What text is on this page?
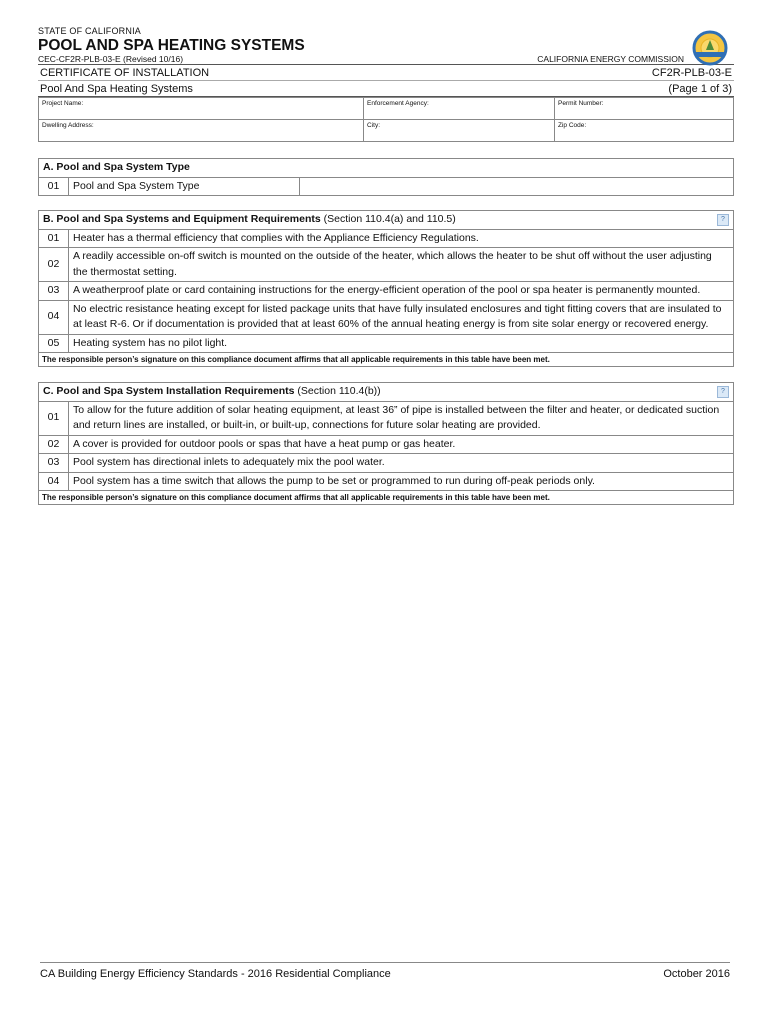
STATE OF CALIFORNIA
POOL AND SPA HEATING SYSTEMS
CEC-CF2R-PLB-03-E (Revised 10/16)	CALIFORNIA ENERGY COMMISSION
CERTIFICATE OF INSTALLATION	CF2R-PLB-03-E
Pool And Spa Heating Systems	(Page 1 of 3)
Project Name:	Enforcement Agency:	Permit Number:
Dwelling Address:	City:	Zip Code:
A. Pool and Spa System Type
01	Pool and Spa System Type	
?
B. Pool and Spa Systems and Equipment Requirements (Section 110.4(a) and 110.5)	
01	Heater has a thermal efficiency that complies with the Appliance Efficiency Regulations.
02	A readily accessible on-off switch is mounted on the outside of the heater, which allows the heater to be shut off without the user adjusting the thermostat setting.
03	A weatherproof plate or card containing instructions for the energy-efficient operation of the pool or spa heater is permanently mounted.
04	No electric resistance heating except for listed package units that have fully insulated enclosures and tight fitting covers that are insulated to at least R-6. Or if documentation is provided that at least 60% of the annual heating energy is from site solar energy or recovered energy.
05	Heating system has no pilot light.
The responsible person’s signature on this compliance document affirms that all applicable requirements in this table have been met.	
?
C. Pool and Spa System Installation Requirements (Section 110.4(b))	
01	To allow for the future addition of solar heating equipment, at least 36” of pipe is installed between the filter and heater, or dedicated suction and return lines are installed, or built-in, or built-up, connections for future solar heating are provided.
02	A cover is provided for outdoor pools or spas that have a heat pump or gas heater.
03	Pool system has directional inlets to adequately mix the pool water.
04	Pool system has a time switch that allows the pump to be set or programmed to run during off-peak periods only.
The responsible person’s signature on this compliance document affirms that all applicable requirements in this table have been met.	
CA Building Energy Efficiency Standards - 2016 Residential Compliance	October 2016
